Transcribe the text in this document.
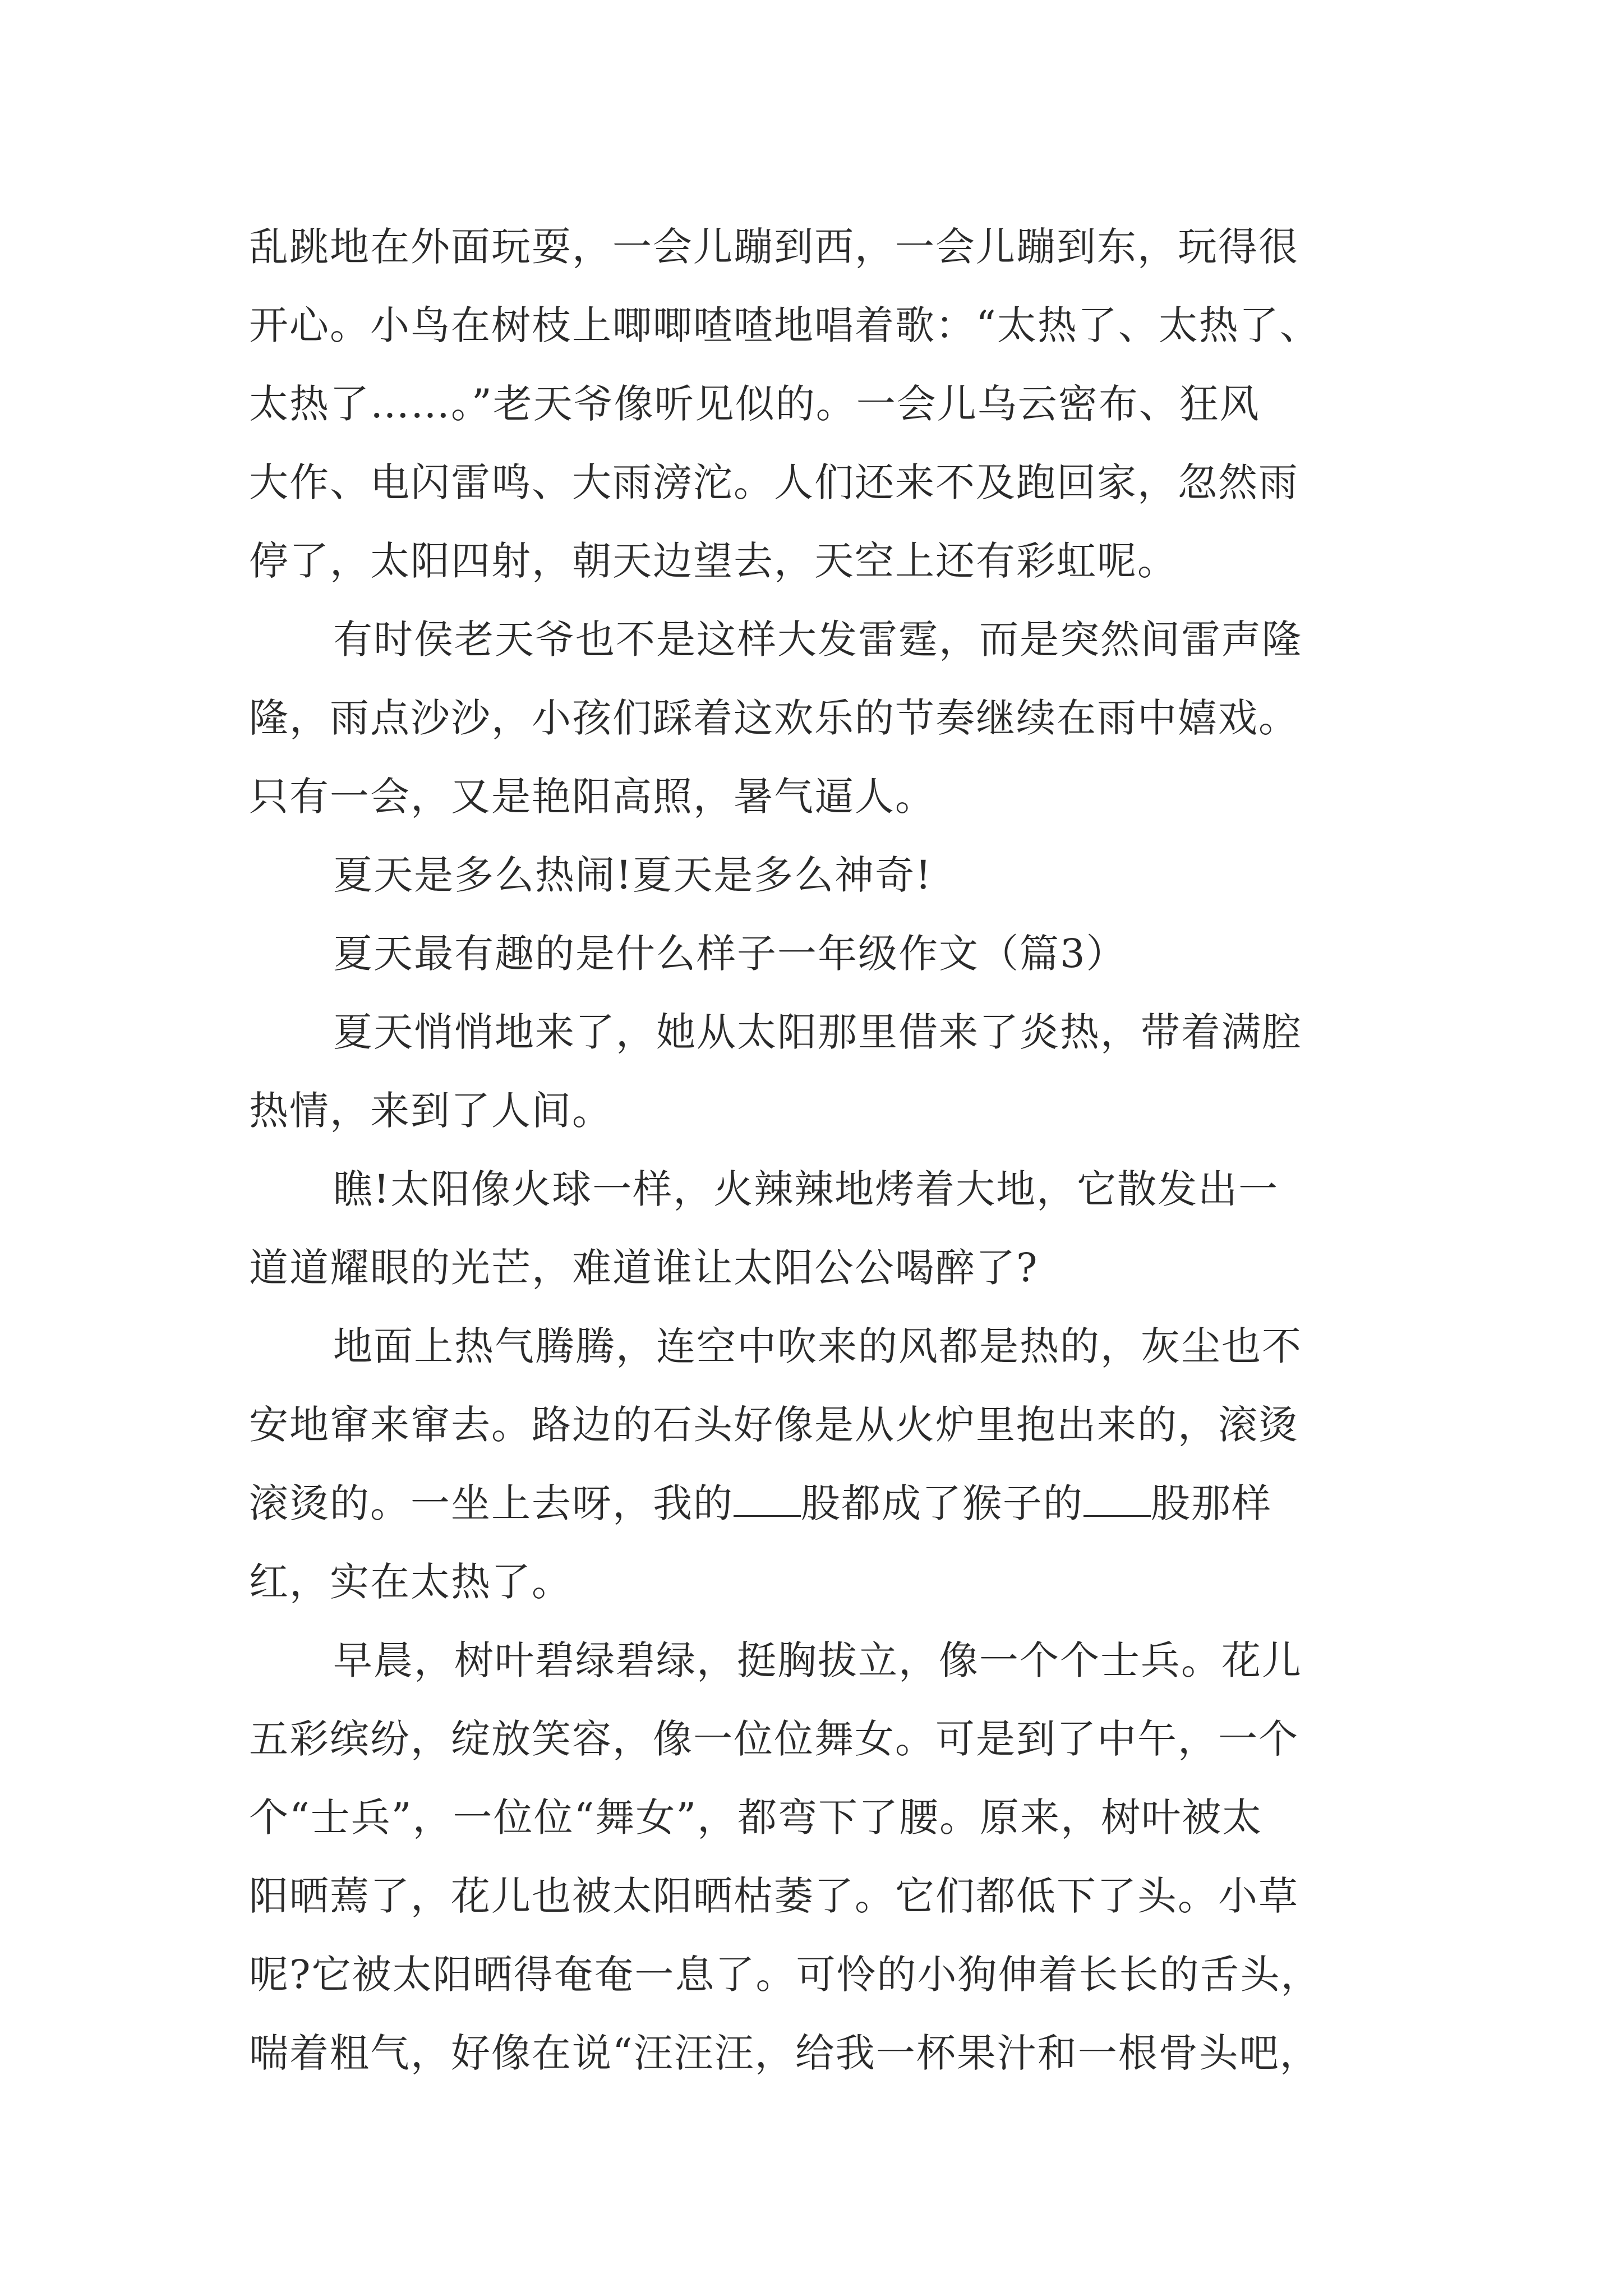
乱跳地在外面玩耍，一会儿蹦到西，一会儿蹦到东，玩得很
开心。小鸟在树枝上唧唧喳喳地唱着歌：“太热了、太热了、
太热了……。”老天爷像听见似的。一会儿乌云密布、狂风
大作、电闪雷鸣、大雨滂沱。人们还来不及跑回家，忽然雨
停了，太阳四射，朝天边望去，天空上还有彩虹呢。
有时侯老天爷也不是这样大发雷霆，而是突然间雷声隆
隆，雨点沙沙，小孩们踩着这欢乐的节奏继续在雨中嬉戏。
只有一会，又是艳阳高照，暑气逼人。
夏天是多么热闹!夏天是多么神奇!
夏天最有趣的是什么样子一年级作文（篇3）
夏天悄悄地来了，她从太阳那里借来了炎热，带着满腔
热情，来到了人间。
瞧!太阳像火球一样，火辣辣地烤着大地，它散发出一
道道耀眼的光芒，难道谁让太阳公公喝醉了?
地面上热气腾腾，连空中吹来的风都是热的，灰尘也不
安地窜来窜去。路边的石头好像是从火炉里抱出来的，滚烫
滚烫的。一坐上去呀，我的 股都成了猴子的 股那样
红，实在太热了。
早晨，树叶碧绿碧绿，挺胸拔立，像一个个士兵。花儿
五彩缤纷，绽放笑容，像一位位舞女。可是到了中午，一个
个“士兵”，一位位“舞女”，都弯下了腰。原来，树叶被太
阳晒蔫了，花儿也被太阳晒枯萎了。它们都低下了头。小草
呢?它被太阳晒得奄奄一息了。可怜的小狗伸着长长的舌头，
喘着粗气，好像在说“汪汪汪，给我一杯果汁和一根骨头吧，
